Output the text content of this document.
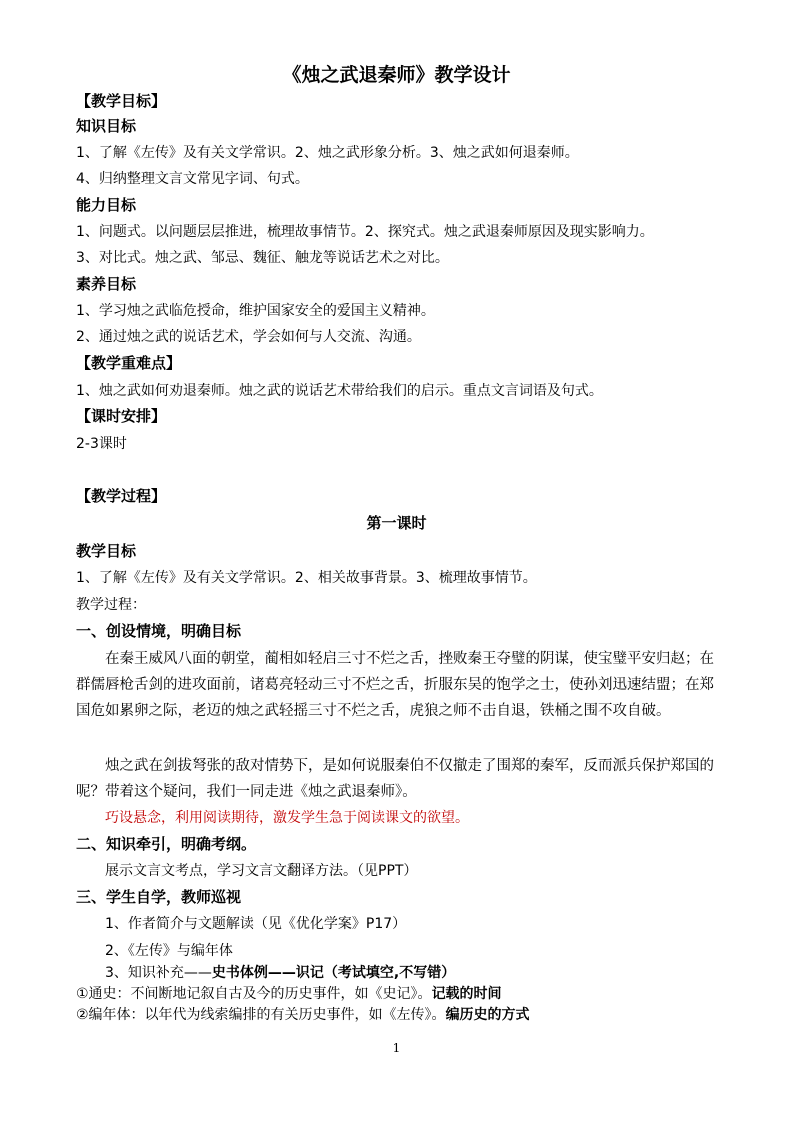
《烛之武退秦师》教学设计
【教学目标】
知识目标
1、了解《左传》及有关文学常识。2、烛之武形象分析。3、烛之武如何退秦师。
4、归纳整理文言文常见字词、句式。
能力目标
1、问题式。以问题层层推进，梳理故事情节。2、探究式。烛之武退秦师原因及现实影响力。
3、对比式。烛之武、邹忌、魏征、触龙等说话艺术之对比。
素养目标
1、学习烛之武临危授命，维护国家安全的爱国主义精神。
2、通过烛之武的说话艺术，学会如何与人交流、沟通。
【教学重难点】
1、烛之武如何劝退秦师。烛之武的说话艺术带给我们的启示。重点文言词语及句式。
【课时安排】
2-3课时
【教学过程】
第一课时
教学目标
1、了解《左传》及有关文学常识。2、相关故事背景。3、梳理故事情节。
教学过程：
一、创设情境，明确目标
在秦王威风八面的朝堂，蔺相如轻启三寸不烂之舌，挫败秦王夺璧的阴谋，使宝璧平安归赵；在群儒唇枪舌剑的进攻面前，诸葛亮轻动三寸不烂之舌，折服东吴的饱学之士，使孙刘迅速结盟；在郑国危如累卵之际，老迈的烛之武轻摇三寸不烂之舌，虎狼之师不击自退，铁桶之围不攻自破。
烛之武在剑拔弩张的敌对情势下，是如何说服秦伯不仅撤走了围郑的秦军，反而派兵保护郑国的呢？带着这个疑问，我们一同走进《烛之武退秦师》。
巧设悬念，利用阅读期待，激发学生急于阅读课文的欲望。
二、知识牵引，明确考纲。
展示文言文考点，学习文言文翻译方法。（见PPT）
三、学生自学，教师巡视
1、作者简介与文题解读（见《优化学案》P17）
2、《左传》与编年体
3、知识补充——史书体例——识记（考试填空,不写错）
①通史：不间断地记叙自古及今的历史事件，如《史记》。记载的时间
②编年体：以年代为线索编排的有关历史事件，如《左传》。编历史的方式
1
